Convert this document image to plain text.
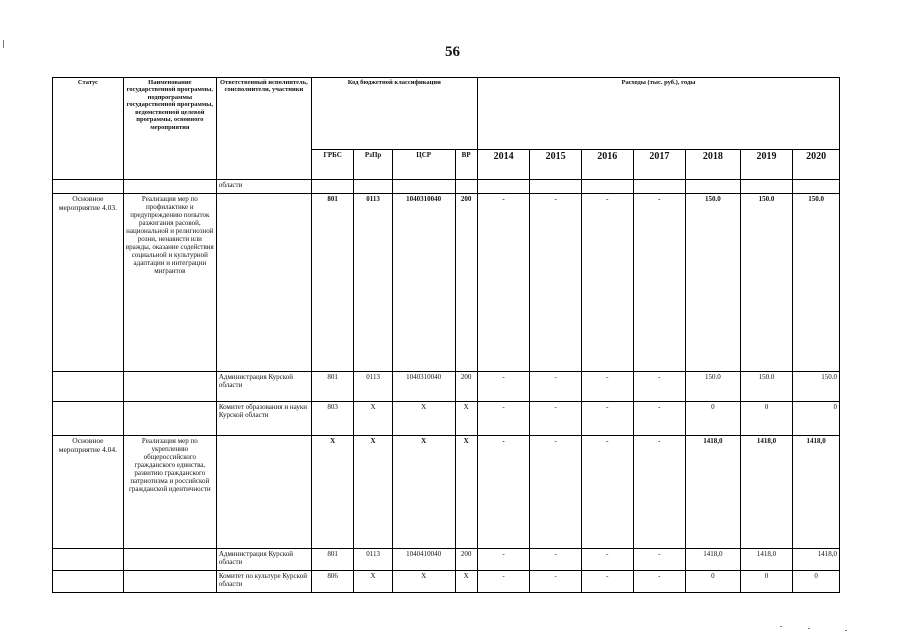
56
Статус	Наименование государственной программы, подпрограммы государственной программы, ведомственной целевой программы, основного мероприятия	Ответственный исполнитель, соисполнители, участники	Код бюджетной классификации				Расходы (тыс. руб.), годы						
			ГРБС	РзПр	ЦСР	ВР	2014	2015	2016	2017	2018	2019	2020
		области											
Основное мероприятие 4.03.	Реализация мер по профилактике и предупреждению попыток разжигания расовой, национальной и религиозной розни, ненависти или вражды, оказание содействия социальной и культурной адаптации и интеграции мигрантов		801	0113	1040310040	200	-	-	-	-	150.0	150.0	150.0
		Администрация Курской области	801	0113	1040310040	200	-	-	-	-	150.0	150.0	150.0
		Комитет образования и науки Курской области	803	Х	Х	Х	-	-	-	-	0	0	0
Основное мероприятие 4.04.	Реализация мер по укреплению общероссийского гражданского единства, развитию гражданского патриотизма и российской гражданской идентичности		Х	Х	Х	Х	-	-	-	-	1418,0	1418,0	1418,0
		Администрация Курской области	801	0113	1040410040	200	-	-	-	-	1418,0	1418,0	1418,0
		Комитет по культуре Курской области	806	Х	Х	Х	-	-	-	-	0	0	0
